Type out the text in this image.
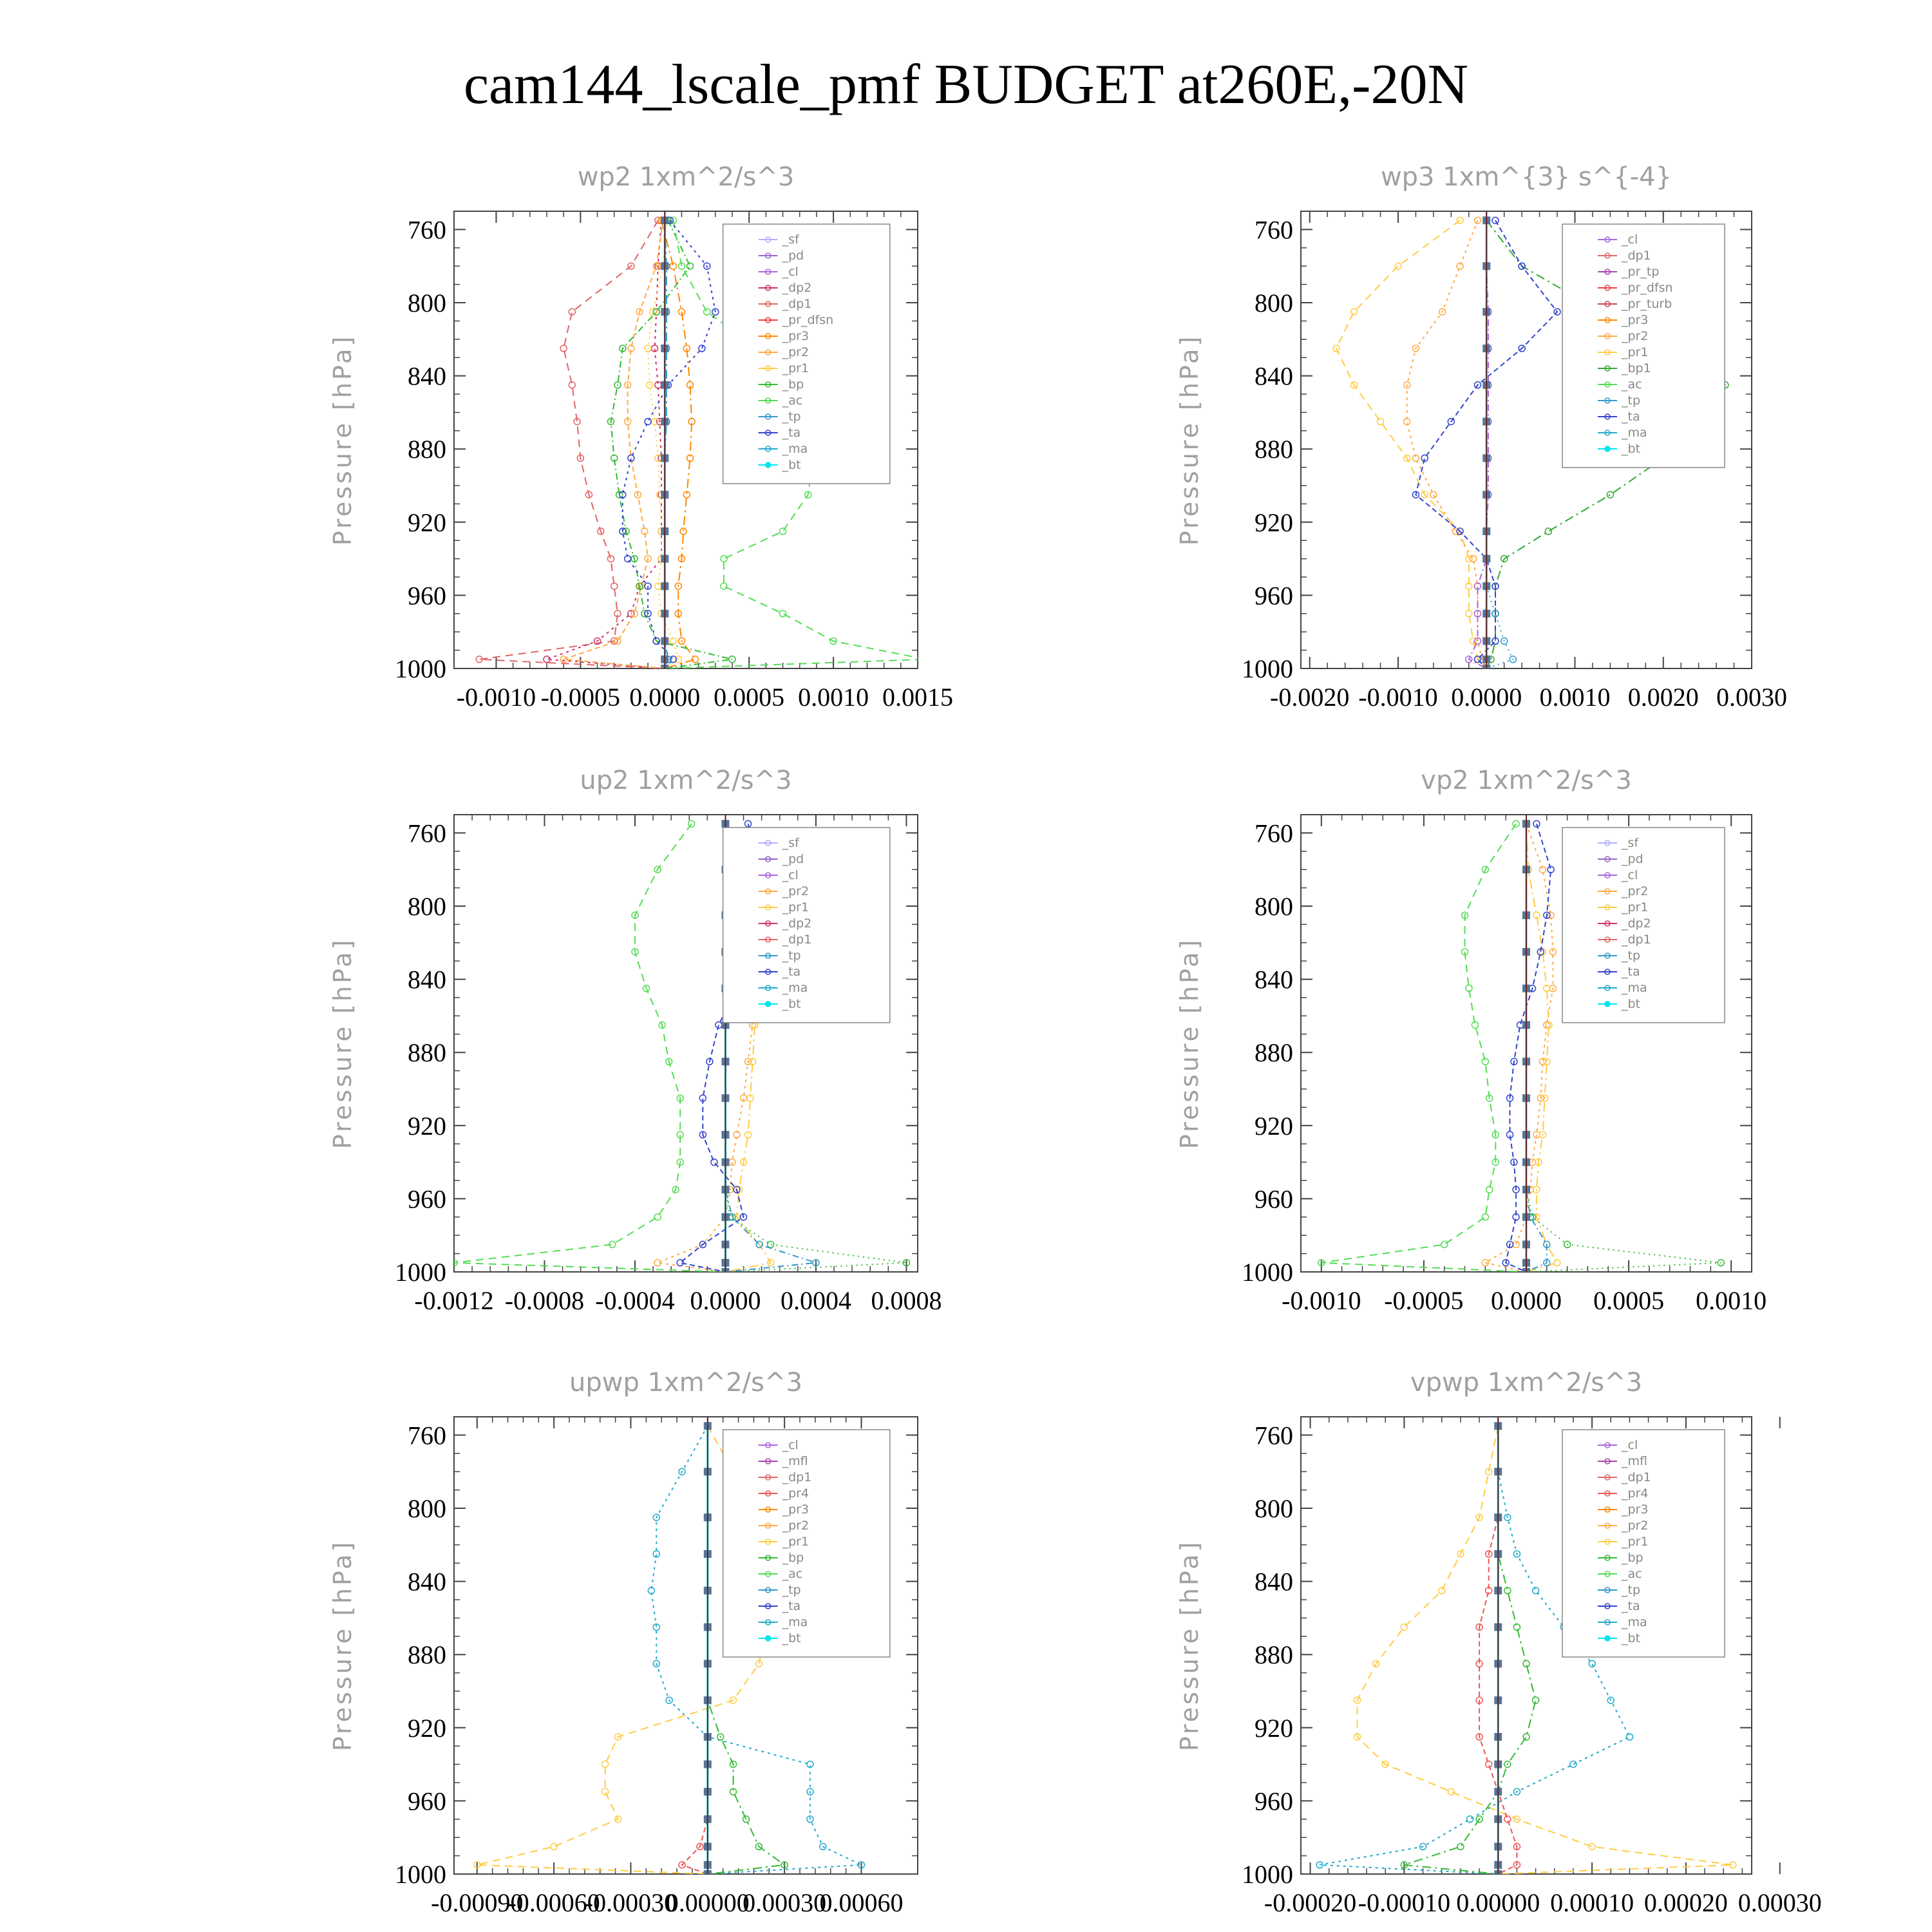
cam144_lscale_pmf BUDGET at260E,-20N
wp2 1xm^2/s^3
Pressure [hPa]
760
800
840
880
920
960
1000
-0.0010 -0.0005 0.0000 0.0005 0.0010 0.0015
_sf
_pd
_cl
_dp2
_dp1
_pr_dfsn
_pr3
_pr2
_pr1
_bp
_ac
_tp
_ta
_ma
_bt
wp3 1xm^{3} s^{-4}
Pressure [hPa]
760
800
840
880
920
960
1000
-0.0020 -0.0010 0.0000 0.0010 0.0020 0.0030
_cl
_dp1
_pr_tp
_pr_dfsn
_pr_turb
_pr3
_pr2
_pr1
_bp1
_ac
_tp
_ta
_ma
_bt
up2 1xm^2/s^3
Pressure [hPa]
760
800
840
880
920
960
1000
-0.0012 -0.0008 -0.0004 0.0000 0.0004 0.0008
_sf
_pd
_cl
_pr2
_pr1
_dp2
_dp1
_tp
_ta
_ma
_bt
vp2 1xm^2/s^3
Pressure [hPa]
760
800
840
880
920
960
1000
-0.0010 -0.0005 0.0000 0.0005 0.0010
_sf
_pd
_cl
_pr2
_pr1
_dp2
_dp1
_tp
_ta
_ma
_bt
upwp 1xm^2/s^3
Pressure [hPa]
760
800
840
880
920
960
1000
-0.00090
-0.00060
-0.00030
0.00000
0.00030
0.00060
_cl
_mfl
_dp1
_pr4
_pr3
_pr2
_pr1
_bp
_ac
_tp
_ta
_ma
_bt
vpwp 1xm^2/s^3
Pressure [hPa]
760
800
840
880
920
960
1000
-0.00020 -0.00010 0.00000 0.00010 0.00020 0.00030
_cl
_mfl
_dp1
_pr4
_pr3
_pr2
_pr1
_bp
_ac
_tp
_ta
_ma
_bt
